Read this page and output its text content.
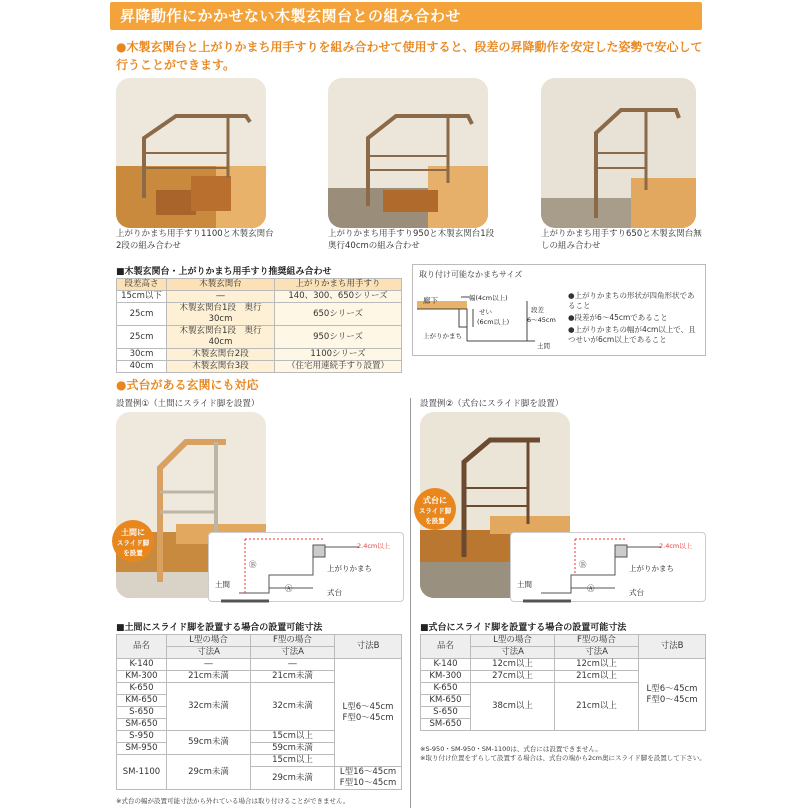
昇降動作にかかせない木製玄関台との組み合わせ
●木製玄関台と上がりかまち用手すりを組み合わせて使用すると、段差の昇降動作を安定した姿勢で安心して行うことができます。
上がりかまち用手すり1100と木製玄関台2段の組み合わせ
上がりかまち用手すり950と木製玄関台1段奥行40cmの組み合わせ
上がりかまち用手すり650と木製玄関台無しの組み合わせ
■木製玄関台・上がりかまち用手すり推奨組み合わせ
段差高さ	木製玄関台	上がりかまち用手すり
15cm以下	―	140、300、650シリーズ
25cm	木製玄関台1段　奥行30cm	650シリーズ
25cm	木製玄関台1段　奥行40cm	950シリーズ
30cm	木製玄関台2段	1100シリーズ
40cm	木製玄関台3段	（住宅用連続手すり設置）
取り付け可能なかまちサイズ
廊下	幅(4cm以上)
せい
(6cm以上)
段差
6～45cm
上がりかまち
土間
●上がりかまちの形状が四角形状であること
●段差が6～45cmであること
●上がりかまちの幅が4cm以上で、且つせいが6cm以上であること
●式台がある玄関にも対応
設置例①（土間にスライド脚を設置）	設置例②（式台にスライド脚を設置）
土間に
スライド脚
を設置
2.4cm以上
上がりかまち
土間
式台
Ⓐ
Ⓑ
式台に
スライド脚
を設置
2.4cm以上
上がりかまち
土間
式台
Ⓐ
Ⓑ
■土間にスライド脚を設置する場合の設置可能寸法
品名	L型の場合	F型の場合	寸法B
	寸法A	寸法A	
K-140	―	―	L型6～45cm
F型0～45cm

KM-300	21cm未満	21cm未満	
K-650	32cm未満	32cm未満	
KM-650			
S-650			
SM-650			
S-950	59cm未満	15cm以上	
SM-950		59cm未満	
SM-1100	29cm未満	15cm以上	
		29cm未満	L型16～45cm
F型10～45cm
※式台の幅が設置可能寸法から外れている場合は取り付けることができません。
■式台にスライド脚を設置する場合の設置可能寸法
品名	L型の場合	F型の場合	寸法B
	寸法A	寸法A	
K-140	12cm以上	12cm以上	L型6～45cm
F型0～45cm

KM-300	27cm以上	21cm以上	
K-650	38cm以上	21cm以上	
KM-650			
S-650			
SM-650			
※S-950・SM-950・SM-1100は、式台には設置できません。
※取り付け位置をずらして設置する場合は、式台の端から2cm奥にスライド脚を設置して下さい。
